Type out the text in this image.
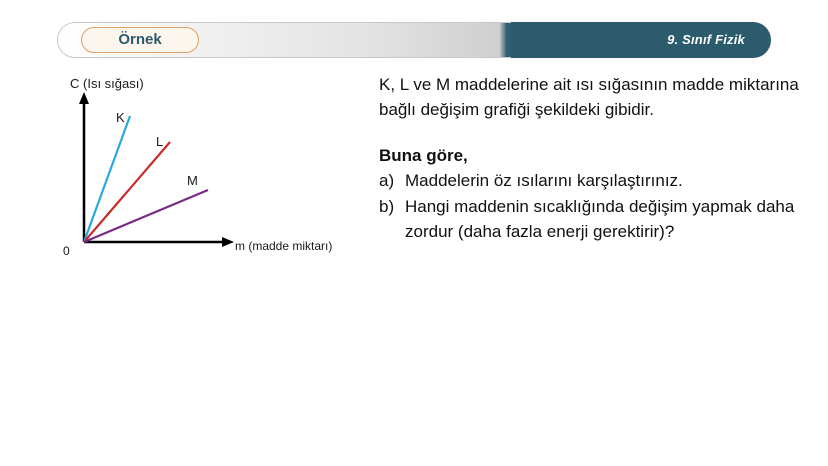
9. Sınıf Fizik
Örnek
C (Isı sığası)
m (madde miktarı)
0
K
L
M

K, L ve M maddelerine ait ısı sığasının madde miktarına bağlı değişim grafiği şekildeki gibidir.

Buna göre,

a) Maddelerin öz ısılarını karşılaştırınız.
b) Hangi maddenin sıcaklığında değişim yapmak daha zordur (daha fazla enerji gerektirir)?
